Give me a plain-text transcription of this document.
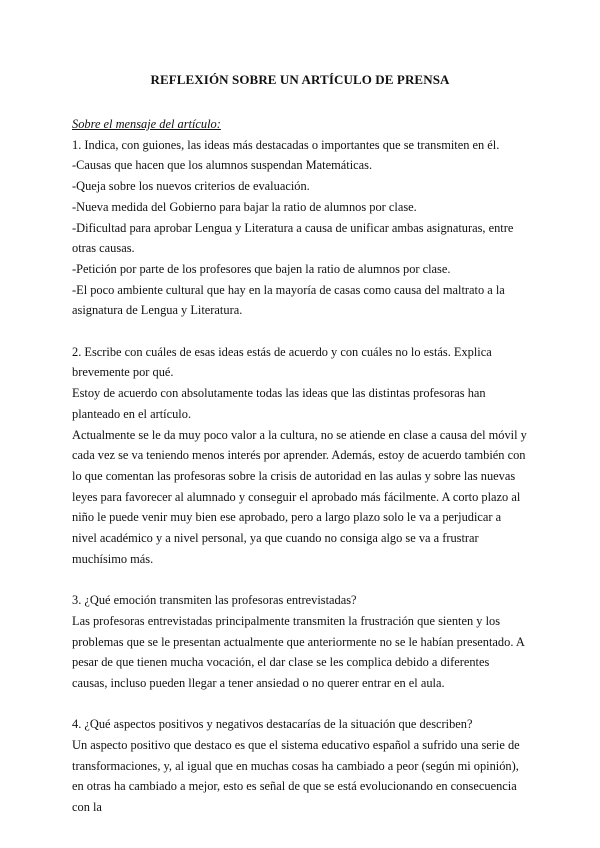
REFLEXIÓN SOBRE UN ARTÍCULO DE PRENSA

Sobre el mensaje del artículo:

1. Indica, con guiones, las ideas más destacadas o importantes que se transmiten en él.

-Causas que hacen que los alumnos suspendan Matemáticas.

-Queja sobre los nuevos criterios de evaluación.

-Nueva medida del Gobierno para bajar la ratio de alumnos por clase.

-Dificultad para aprobar Lengua y Literatura a causa de unificar ambas asignaturas, entre otras causas.

-Petición por parte de los profesores que bajen la ratio de alumnos por clase.

-El poco ambiente cultural que hay en la mayoría de casas como causa del maltrato a la asignatura de Lengua y Literatura.

2. Escribe con cuáles de esas ideas estás de acuerdo y con cuáles no lo estás. Explica brevemente por qué.

Estoy de acuerdo con absolutamente todas las ideas que las distintas profesoras han planteado en el artículo.

Actualmente se le da muy poco valor a la cultura, no se atiende en clase a causa del móvil y cada vez se va teniendo menos interés por aprender. Además, estoy de acuerdo también con lo que comentan las profesoras sobre la crisis de autoridad en las aulas y sobre las nuevas leyes para favorecer al alumnado y conseguir el aprobado más fácilmente. A corto plazo al niño le puede venir muy bien ese aprobado, pero a largo plazo solo le va a perjudicar a nivel académico y a nivel personal, ya que cuando no consiga algo se va a frustrar muchísimo más.

3. ¿Qué emoción transmiten las profesoras entrevistadas?

Las profesoras entrevistadas principalmente transmiten la frustración que sienten y los problemas que se le presentan actualmente que anteriormente no se le habían presentado. A pesar de que tienen mucha vocación, el dar clase se les complica debido a diferentes causas, incluso pueden llegar a tener ansiedad o no querer entrar en el aula.

4. ¿Qué aspectos positivos y negativos destacarías de la situación que describen?

Un aspecto positivo que destaco es que el sistema educativo español a sufrido una serie de transformaciones, y, al igual que en muchas cosas ha cambiado a peor (según mi opinión), en otras ha cambiado a mejor, esto es señal de que se está evolucionando en consecuencia con la
